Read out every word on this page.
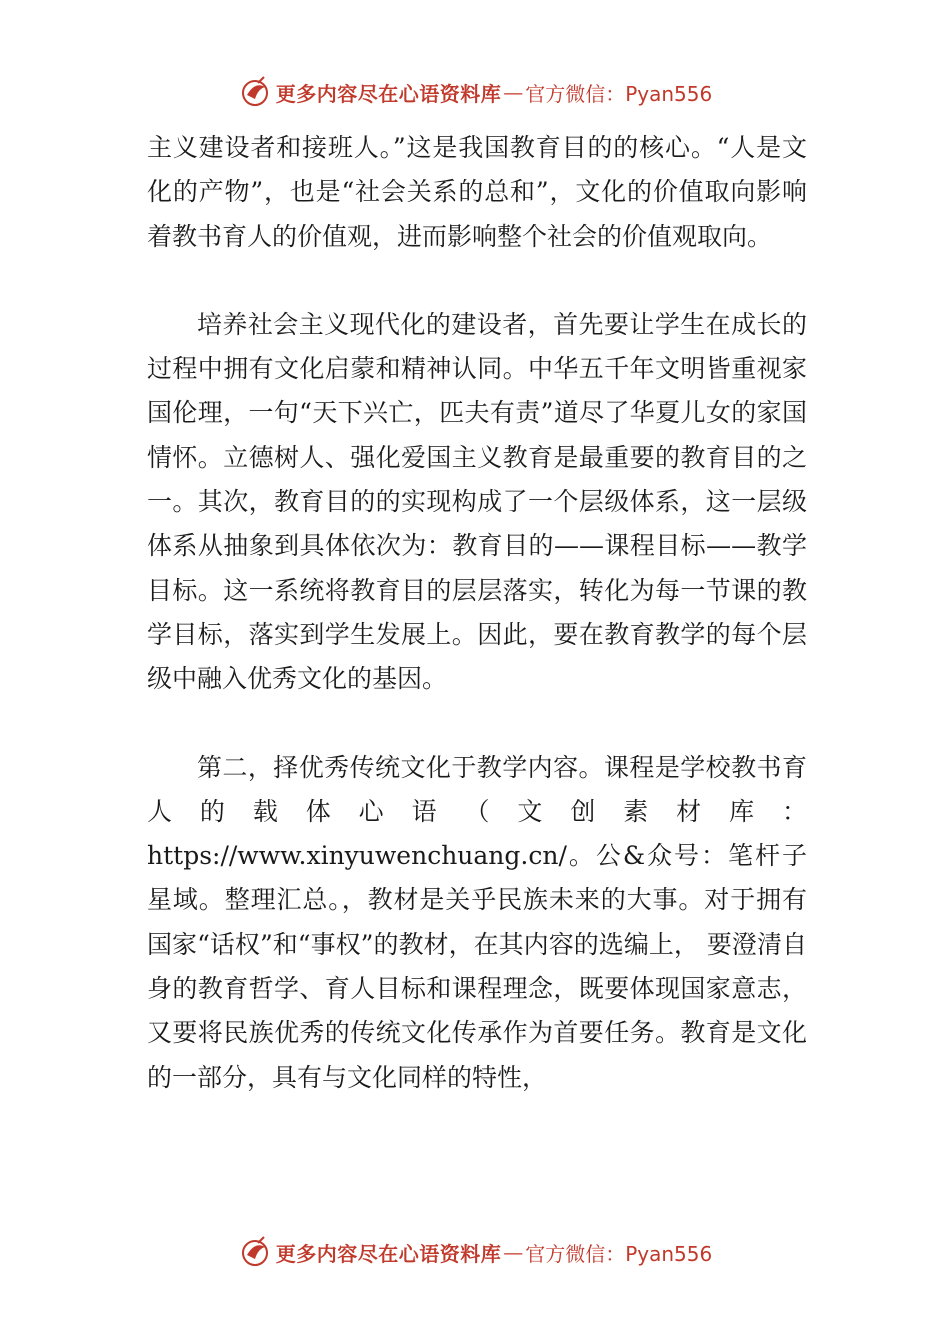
更多内容尽在心语资料库 — 官方微信：Pyan556

主义建设者和接班人。”这是我国教育目的的核心。“人是文化的产物”，也是“社会关系的总和”，文化的价值取向影响着教书育人的价值观，进而影响整个社会的价值观取向。

培养社会主义现代化的建设者，首先要让学生在成长的过程中拥有文化启蒙和精神认同。中华五千年文明皆重视家国伦理，一句“天下兴亡，匹夫有责”道尽了华夏儿女的家国情怀。立德树人、强化爱国主义教育是最重要的教育目的之一。其次，教育目的的实现构成了一个层级体系，这一层级体系从抽象到具体依次为：教育目的——课程目标——教学目标。这一系统将教育目的层层落实，转化为每一节课的教学目标，落实到学生发展上。因此，要在教育教学的每个层级中融入优秀文化的基因。

第二，择优秀传统文化于教学内容。课程是学校教书育人的载体心语（文创素材库：https://www.xinyuwenchuang.cn/。公&众号：笔杆子星域。整理汇总。，教材是关乎民族未来的大事。对于拥有国家“话权”和“事权”的教材，在其内容的选编上， 要澄清自身的教育哲学、育人目标和课程理念，既要体现国家意志，又要将民族优秀的传统文化传承作为首要任务。教育是文化的一部分，具有与文化同样的特性，

更多内容尽在心语资料库 — 官方微信：Pyan556
